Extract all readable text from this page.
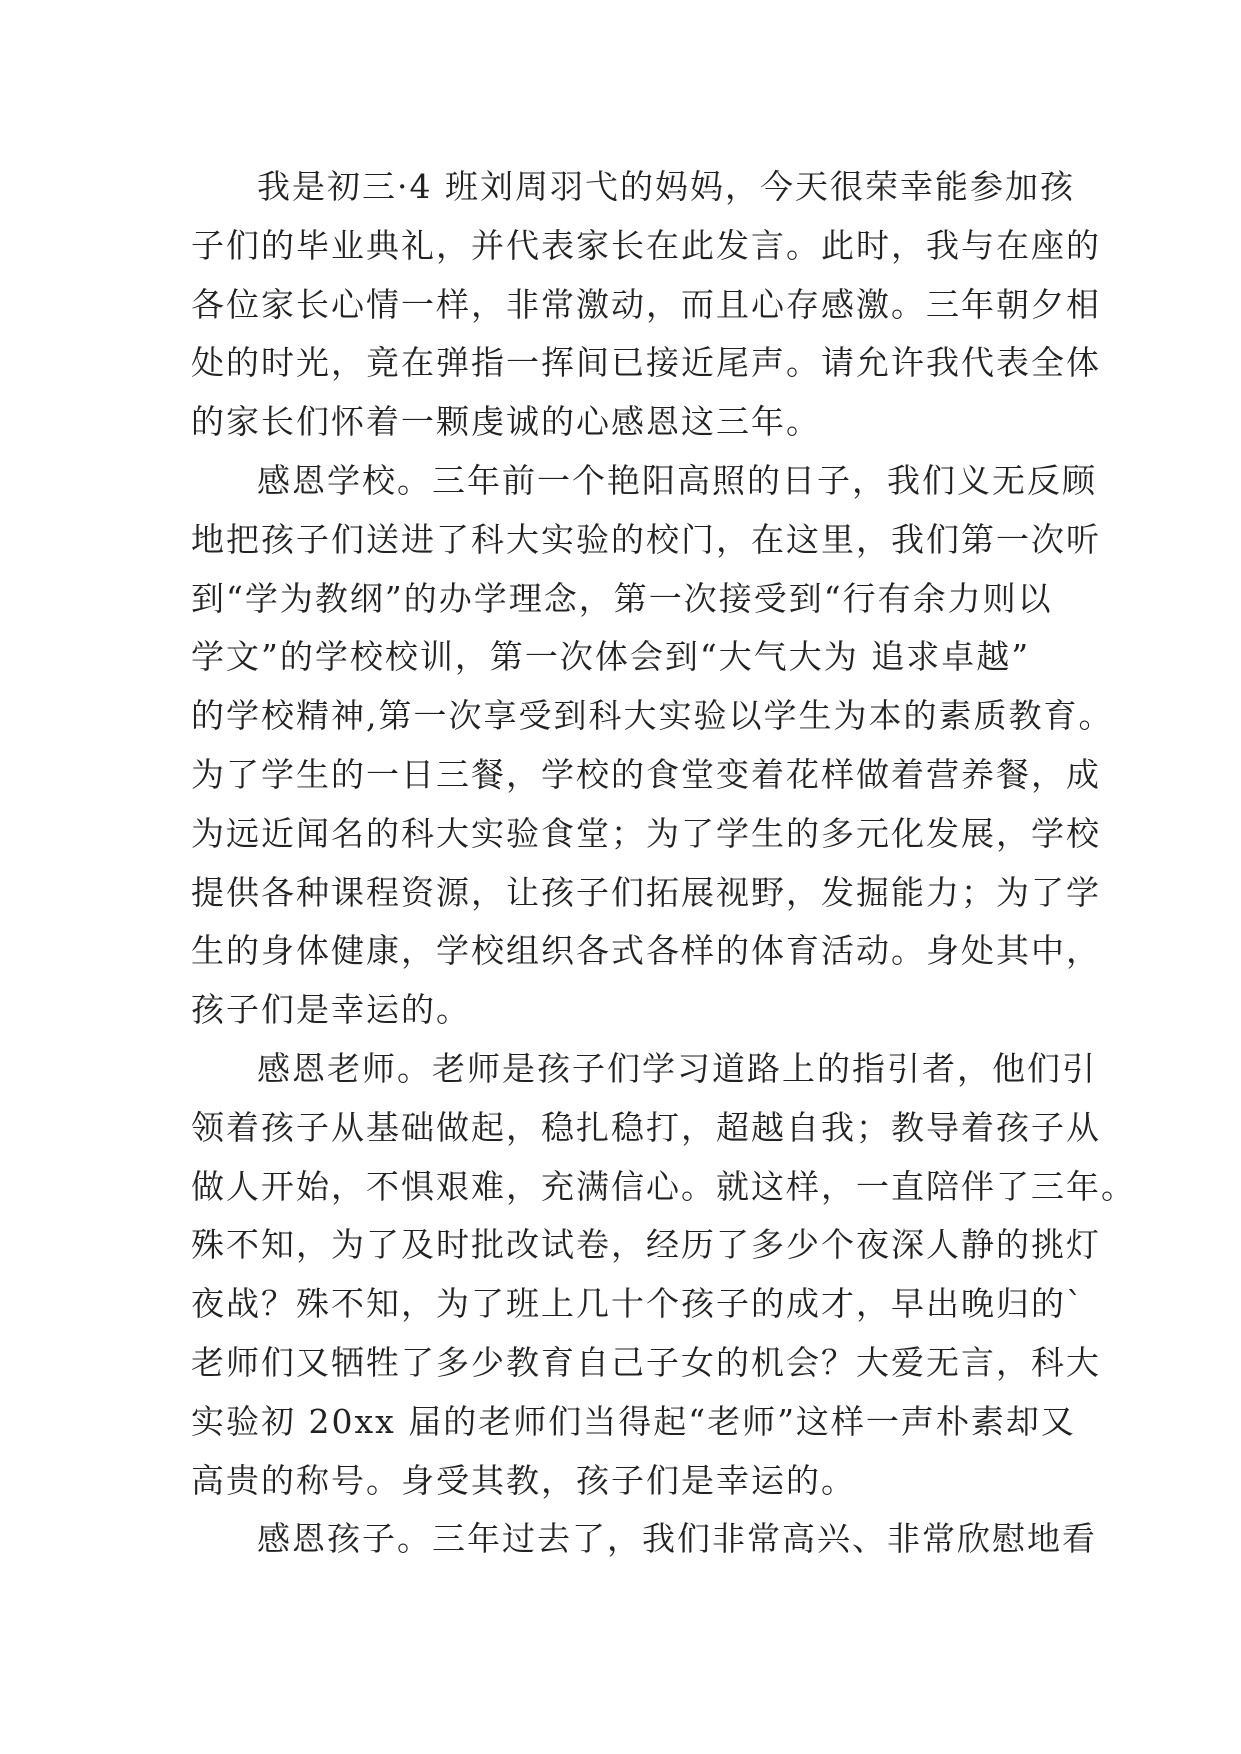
我是初三·4 班刘周羽弋的妈妈，今天很荣幸能参加孩
子们的毕业典礼，并代表家长在此发言。此时，我与在座的
各位家长心情一样，非常激动，而且心存感激。三年朝夕相
处的时光，竟在弹指一挥间已接近尾声。请允许我代表全体
的家长们怀着一颗虔诚的心感恩这三年。
感恩学校。三年前一个艳阳高照的日子，我们义无反顾
地把孩子们送进了科大实验的校门，在这里，我们第一次听
到“学为教纲”的办学理念，第一次接受到“行有余力则以
学文”的学校校训，第一次体会到“大气大为 追求卓越”
的学校精神,第一次享受到科大实验以学生为本的素质教育。
为了学生的一日三餐，学校的食堂变着花样做着营养餐，成
为远近闻名的科大实验食堂；为了学生的多元化发展，学校
提供各种课程资源，让孩子们拓展视野，发掘能力；为了学
生的身体健康，学校组织各式各样的体育活动。身处其中，
孩子们是幸运的。
感恩老师。老师是孩子们学习道路上的指引者，他们引
领着孩子从基础做起，稳扎稳打，超越自我；教导着孩子从
做人开始，不惧艰难，充满信心。就这样，一直陪伴了三年。
殊不知，为了及时批改试卷，经历了多少个夜深人静的挑灯
夜战？殊不知，为了班上几十个孩子的成才，早出晚归的`
老师们又牺牲了多少教育自己子女的机会？大爱无言，科大
实验初 20xx 届的老师们当得起“老师”这样一声朴素却又
高贵的称号。身受其教，孩子们是幸运的。
感恩孩子。三年过去了，我们非常高兴、非常欣慰地看
